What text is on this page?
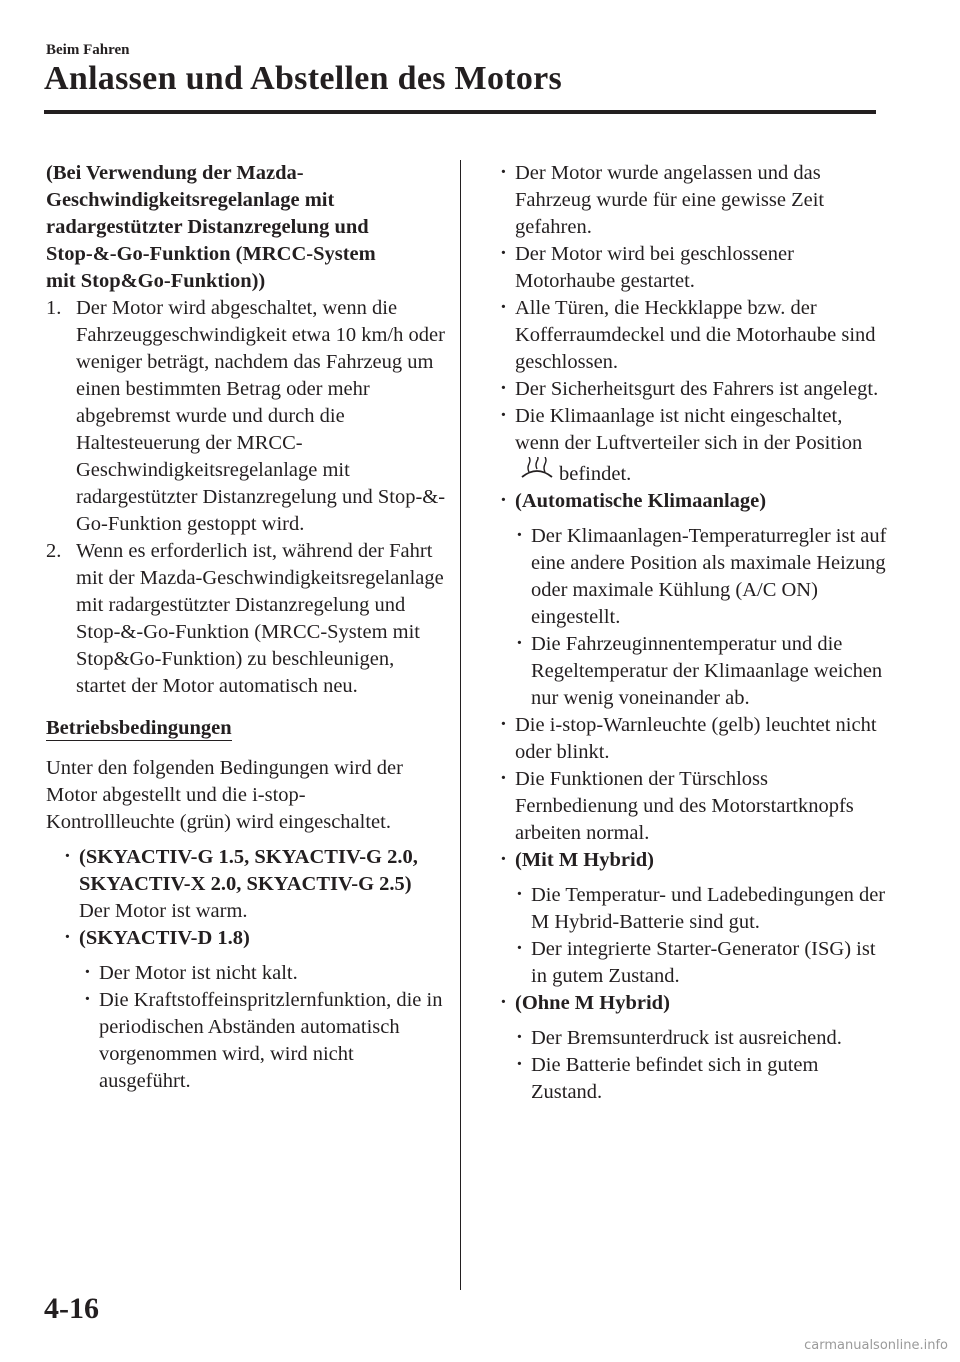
Beim Fahren
Anlassen und Abstellen des Motors

(Bei Verwendung der Mazda-Geschwindigkeitsregelanlage mit radargestützter Distanzregelung und Stop-&-Go-Funktion (MRCC-System mit Stop&Go-Funktion))

1. Der Motor wird abgeschaltet, wenn die Fahrzeuggeschwindigkeit etwa 10 km/h oder weniger beträgt, nachdem das Fahrzeug um einen bestimmten Betrag oder mehr abgebremst wurde und durch die Haltesteuerung der MRCC-Geschwindigkeitsregelanlage mit radargestützter Distanzregelung und Stop-&-Go-Funktion gestoppt wird.
2. Wenn es erforderlich ist, während der Fahrt mit der Mazda-Geschwindigkeitsregelanlage mit radargestützter Distanzregelung und Stop-&-Go-Funktion (MRCC-System mit Stop&Go-Funktion) zu beschleunigen, startet der Motor automatisch neu.
Betriebsbedingungen

Unter den folgenden Bedingungen wird der Motor abgestellt und die i-stop-Kontrollleuchte (grün) wird eingeschaltet.

· (SKYACTIV-G 1.5, SKYACTIV-G 2.0, SKYACTIV-X 2.0, SKYACTIV-G 2.5)
Der Motor ist warm.
· (SKYACTIV-D 1.8)
· Der Motor ist nicht kalt.
· Die Kraftstoffeinspritzlernfunktion, die in periodischen Abständen automatisch vorgenommen wird, wird nicht ausgeführt.
· Der Motor wurde angelassen und das Fahrzeug wurde für eine gewisse Zeit gefahren.
· Der Motor wird bei geschlossener Motorhaube gestartet.
· Alle Türen, die Heckklappe bzw. der Kofferraumdeckel und die Motorhaube sind geschlossen.
· Der Sicherheitsgurt des Fahrers ist angelegt.
· Die Klimaanlage ist nicht eingeschaltet, wenn der Luftverteiler sich in der Positionbefindet.
· (Automatische Klimaanlage)
· Der Klimaanlagen-Temperaturregler ist auf eine andere Position als maximale Heizung oder maximale Kühlung (A/C ON) eingestellt.
· Die Fahrzeuginnentemperatur und die Regeltemperatur der Klimaanlage weichen nur wenig voneinander ab.
· Die i-stop-Warnleuchte (gelb) leuchtet nicht oder blinkt.
· Die Funktionen der Türschloss Fernbedienung und des Motorstartknopfs arbeiten normal.
· (Mit M Hybrid)
· Die Temperatur- und Ladebedingungen der M Hybrid-Batterie sind gut.
· Der integrierte Starter-Generator (ISG) ist in gutem Zustand.
· (Ohne M Hybrid)
· Der Bremsunterdruck ist ausreichend.
· Die Batterie befindet sich in gutem Zustand.
4-16
carmanualsonline.info
